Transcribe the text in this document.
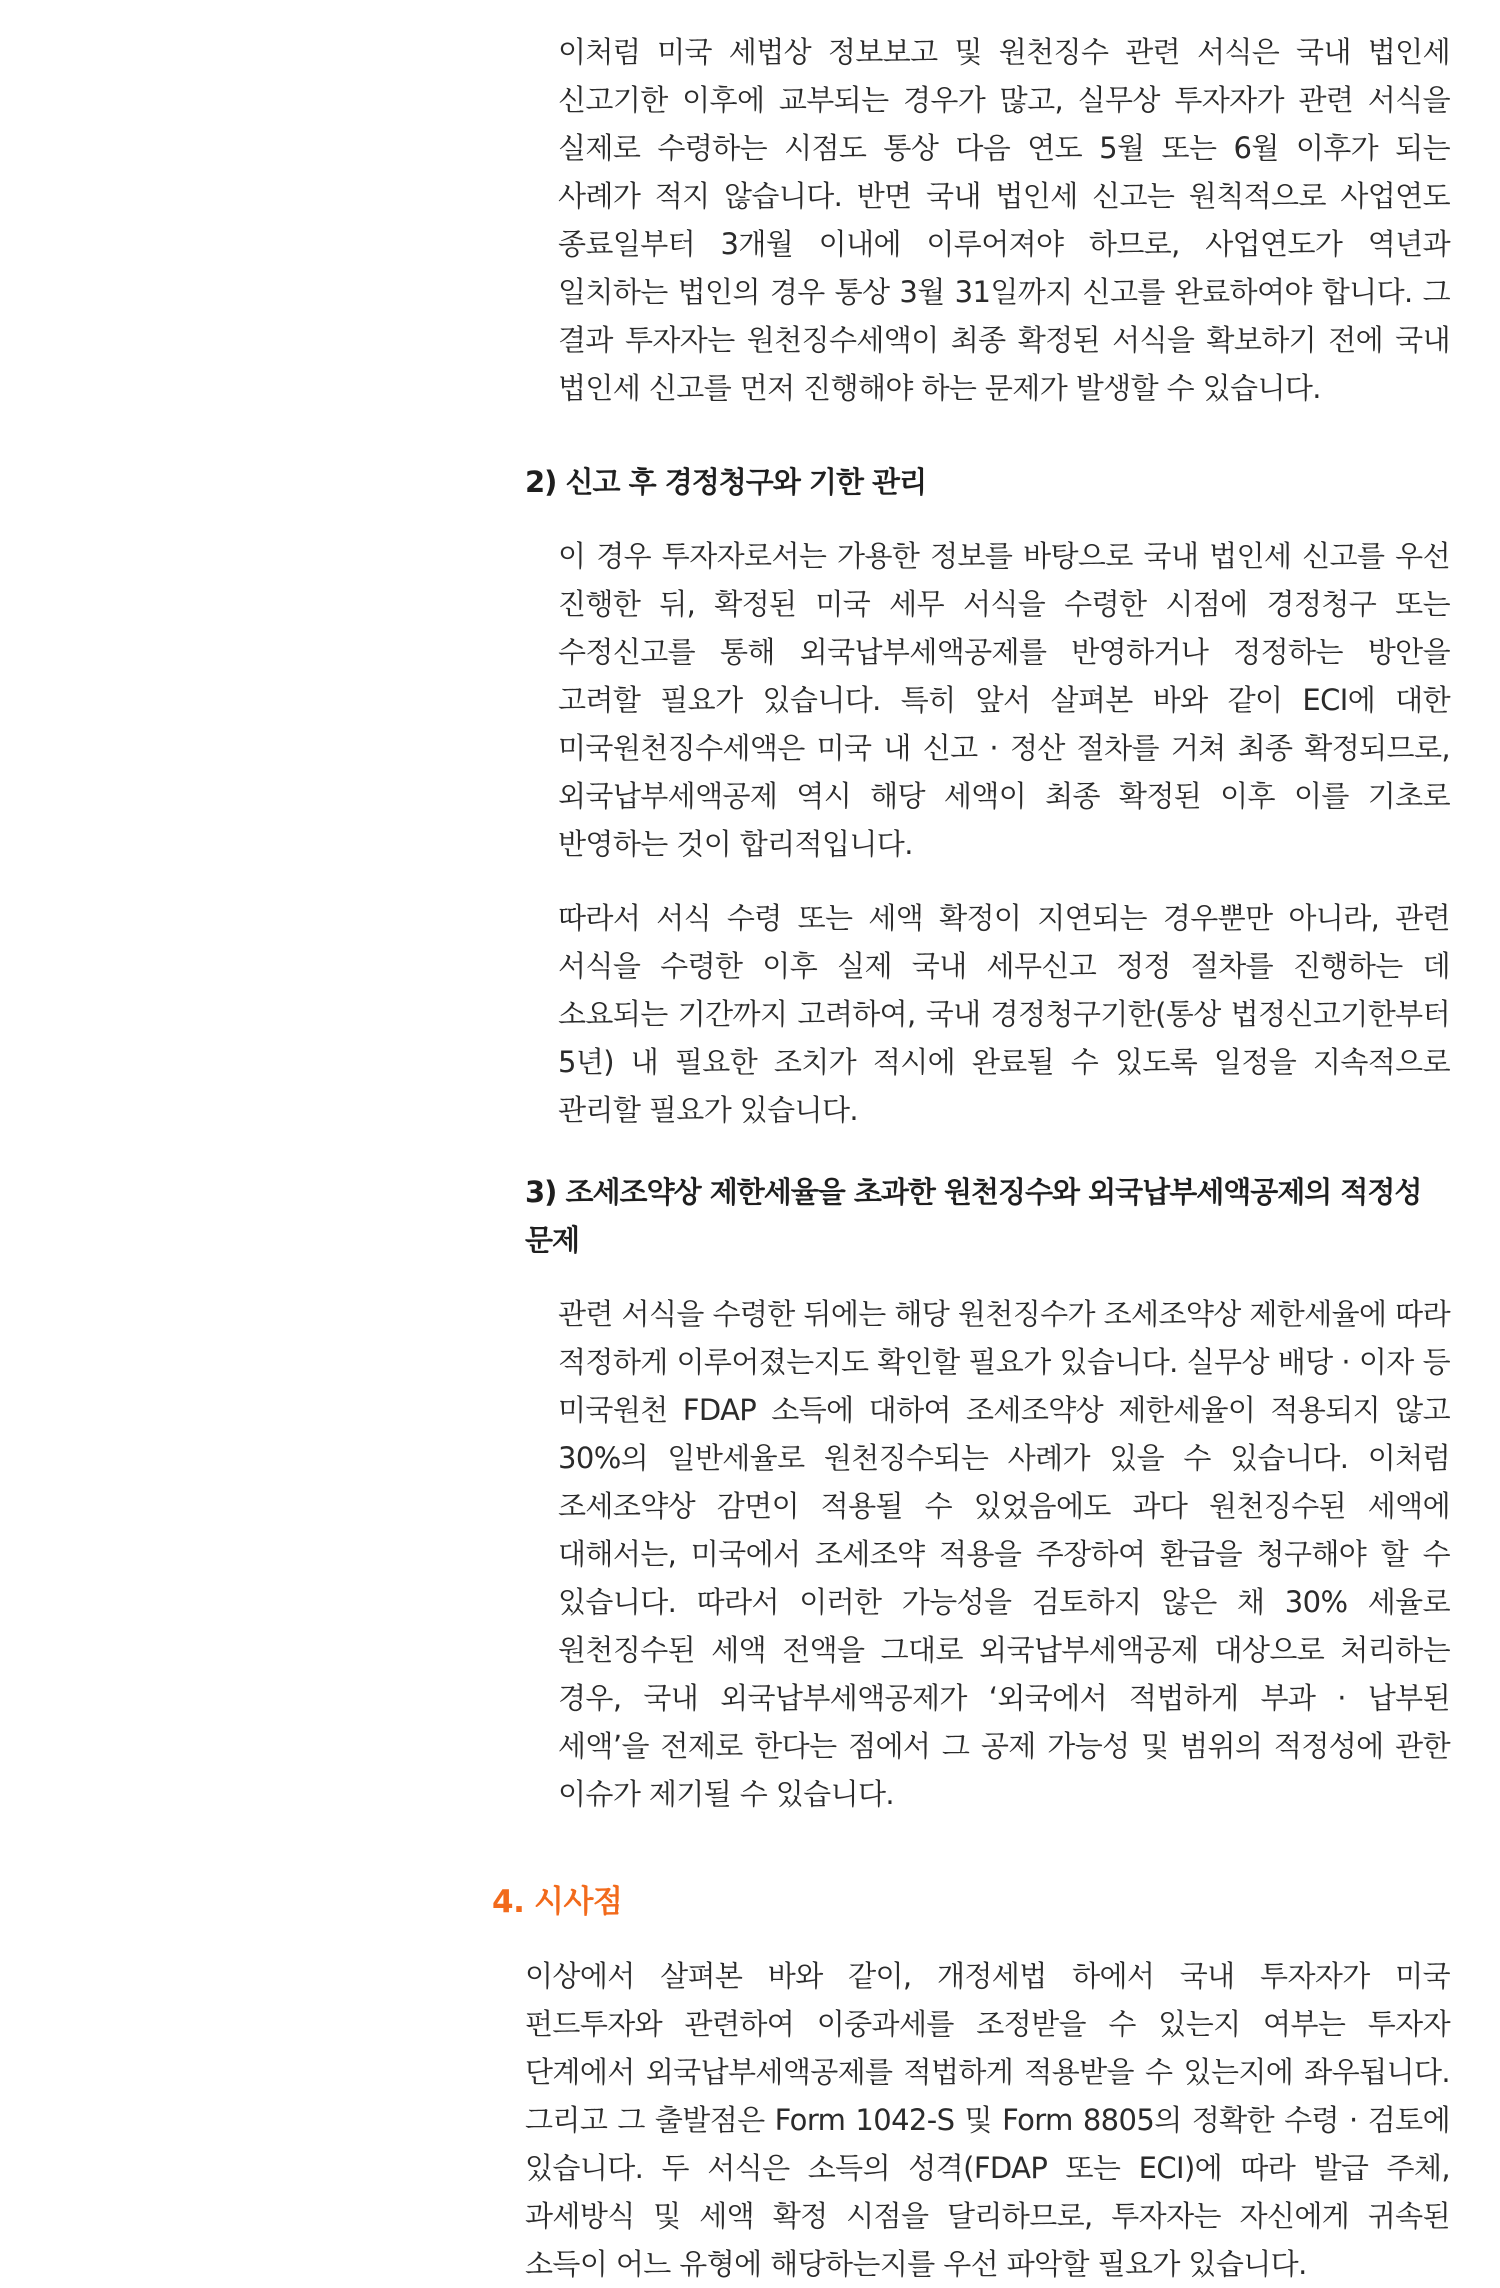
이처럼 미국 세법상 정보보고 및 원천징수 관련 서식은 국내 법인세 신고기한 이후에 교부되는 경우가 많고, 실무상 투자자가 관련 서식을 실제로 수령하는 시점도 통상 다음 연도 5월 또는 6월 이후가 되는 사례가 적지 않습니다. 반면 국내 법인세 신고는 원칙적으로 사업연도 종료일부터 3개월 이내에 이루어져야 하므로, 사업연도가 역년과 일치하는 법인의 경우 통상 3월 31일까지 신고를 완료하여야 합니다. 그 결과 투자자는 원천징수세액이 최종 확정된 서식을 확보하기 전에 국내 법인세 신고를 먼저 진행해야 하는 문제가 발생할 수 있습니다.

2) 신고 후 경정청구와 기한 관리

이 경우 투자자로서는 가용한 정보를 바탕으로 국내 법인세 신고를 우선 진행한 뒤, 확정된 미국 세무 서식을 수령한 시점에 경정청구 또는 수정신고를 통해 외국납부세액공제를 반영하거나 정정하는 방안을 고려할 필요가 있습니다. 특히 앞서 살펴본 바와 같이 ECI에 대한 미국원천징수세액은 미국 내 신고 · 정산 절차를 거쳐 최종 확정되므로, 외국납부세액공제 역시 해당 세액이 최종 확정된 이후 이를 기초로 반영하는 것이 합리적입니다.

따라서 서식 수령 또는 세액 확정이 지연되는 경우뿐만 아니라, 관련 서식을 수령한 이후 실제 국내 세무신고 정정 절차를 진행하는 데 소요되는 기간까지 고려하여, 국내 경정청구기한(통상 법정신고기한부터 5년) 내 필요한 조치가 적시에 완료될 수 있도록 일정을 지속적으로 관리할 필요가 있습니다.

3) 조세조약상 제한세율을 초과한 원천징수와 외국납부세액공제의 적정성 문제

관련 서식을 수령한 뒤에는 해당 원천징수가 조세조약상 제한세율에 따라 적정하게 이루어졌는지도 확인할 필요가 있습니다. 실무상 배당 · 이자 등 미국원천 FDAP 소득에 대하여 조세조약상 제한세율이 적용되지 않고 30%의 일반세율로 원천징수되는 사례가 있을 수 있습니다. 이처럼 조세조약상 감면이 적용될 수 있었음에도 과다 원천징수된 세액에 대해서는, 미국에서 조세조약 적용을 주장하여 환급을 청구해야 할 수 있습니다. 따라서 이러한 가능성을 검토하지 않은 채 30% 세율로 원천징수된 세액 전액을 그대로 외국납부세액공제 대상으로 처리하는 경우, 국내 외국납부세액공제가 ‘외국에서 적법하게 부과 · 납부된 세액’을 전제로 한다는 점에서 그 공제 가능성 및 범위의 적정성에 관한 이슈가 제기될 수 있습니다.

4. 시사점

이상에서 살펴본 바와 같이, 개정세법 하에서 국내 투자자가 미국 펀드투자와 관련하여 이중과세를 조정받을 수 있는지 여부는 투자자 단계에서 외국납부세액공제를 적법하게 적용받을 수 있는지에 좌우됩니다. 그리고 그 출발점은 Form 1042-S 및 Form 8805의 정확한 수령 · 검토에 있습니다. 두 서식은 소득의 성격(FDAP 또는 ECI)에 따라 발급 주체, 과세방식 및 세액 확정 시점을 달리하므로, 투자자는 자신에게 귀속된 소득이 어느 유형에 해당하는지를 우선 파악할 필요가 있습니다.
